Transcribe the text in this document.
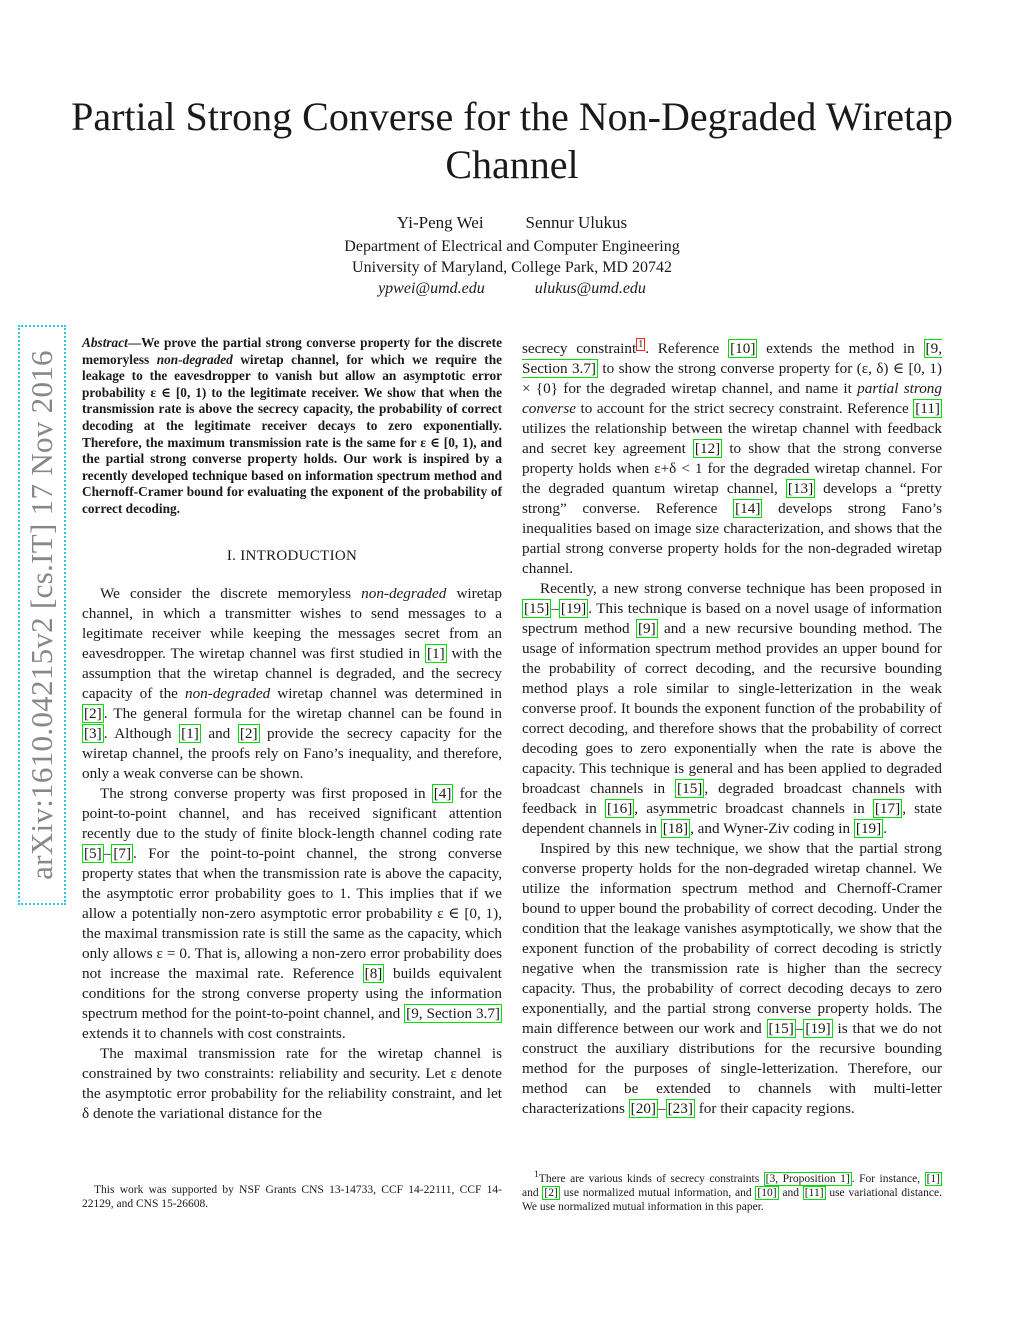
arXiv:1610.04215v2 [cs.IT] 17 Nov 2016
Partial Strong Converse for the Non-Degraded Wiretap Channel
Yi-Peng Wei Sennur Ulukus
Department of Electrical and Computer Engineering
University of Maryland, College Park, MD 20742
ypwei@umd.edu	ulukus@umd.edu

Abstract—We prove the partial strong converse property for the discrete memoryless non-degraded wiretap channel, for which we require the leakage to the eavesdropper to vanish but allow an asymptotic error probability ε ∈ [0, 1) to the legitimate receiver. We show that when the transmission rate is above the secrecy capacity, the probability of correct decoding at the legitimate receiver decays to zero exponentially. Therefore, the maximum transmission rate is the same for ε ∈ [0, 1), and the partial strong converse property holds. Our work is inspired by a recently developed technique based on information spectrum method and Chernoff-Cramer bound for evaluating the exponent of the probability of correct decoding.

I. INTRODUCTION

We consider the discrete memoryless non-degraded wiretap channel, in which a transmitter wishes to send messages to a legitimate receiver while keeping the messages secret from an eavesdropper. The wiretap channel was first studied in [1] with the assumption that the wiretap channel is degraded, and the secrecy capacity of the non-degraded wiretap channel was determined in [2] . The general formula for the wiretap channel can be found in [3] . Although [1] and [2] provide the secrecy capacity for the wiretap channel, the proofs rely on Fano’s inequality, and therefore, only a weak converse can be shown.

The strong converse property was first proposed in [4] for the point-to-point channel, and has received significant attention recently due to the study of finite block-length channel coding rate [5] – [7] . For the point-to-point channel, the strong converse property states that when the transmission rate is above the capacity, the asymptotic error probability goes to 1. This implies that if we allow a potentially non-zero asymptotic error probability ε ∈ [0, 1), the maximal transmission rate is still the same as the capacity, which only allows ε = 0. That is, allowing a non-zero error probability does not increase the maximal rate. Reference [8] builds equivalent conditions for the strong converse property using the information spectrum method for the point-to-point channel, and [9, Section 3.7] extends it to channels with cost constraints.

The maximal transmission rate for the wiretap channel is constrained by two constraints: reliability and security. Let ε denote the asymptotic error probability for the reliability constraint, and let δ denote the variational distance for the

secrecy constraint $^1$ . Reference [10] extends the method in [9, Section 3.7] to show the strong converse property for (ε, δ) ∈ [0, 1) × {0} for the degraded wiretap channel, and name it partial strong converse to account for the strict secrecy constraint. Reference [11] utilizes the relationship between the wiretap channel with feedback and secret key agreement [12] to show that the strong converse property holds when ε+δ < 1 for the degraded wiretap channel. For the degraded quantum wiretap channel, [13] develops a “pretty strong” converse. Reference [14] develops strong Fano’s inequalities based on image size characterization, and shows that the partial strong converse property holds for the non-degraded wiretap channel.

Recently, a new strong converse technique has been proposed in [15] – [19] . This technique is based on a novel usage of information spectrum method [9] and a new recursive bounding method. The usage of information spectrum method provides an upper bound for the probability of correct decoding, and the recursive bounding method plays a role similar to single-letterization in the weak converse proof. It bounds the exponent function of the probability of correct decoding, and therefore shows that the probability of correct decoding goes to zero exponentially when the rate is above the capacity. This technique is general and has been applied to degraded broadcast channels in [15] , degraded broadcast channels with feedback in [16] , asymmetric broadcast channels in [17] , state dependent channels in [18] , and Wyner-Ziv coding in [19] .

Inspired by this new technique, we show that the partial strong converse property holds for the non-degraded wiretap channel. We utilize the information spectrum method and Chernoff-Cramer bound to upper bound the probability of correct decoding. Under the condition that the leakage vanishes asymptotically, we show that the exponent function of the probability of correct decoding is strictly negative when the transmission rate is higher than the secrecy capacity. Thus, the probability of correct decoding decays to zero exponentially, and the partial strong converse property holds. The main difference between our work and [15] – [19] is that we do not construct the auxiliary distributions for the recursive bounding method for the purposes of single-letterization. Therefore, our method can be extended to channels with multi-letter characterizations [20] – [23] for their capacity regions.

This work was supported by NSF Grants CNS 13-14733, CCF 14-22111, CCF 14-22129, and CNS 15-26608.
$^1$There are various kinds of secrecy constraints [3, Proposition 1] . For instance, [1] and [2] use normalized mutual information, and [10] and [11] use variational distance. We use normalized mutual information in this paper.
